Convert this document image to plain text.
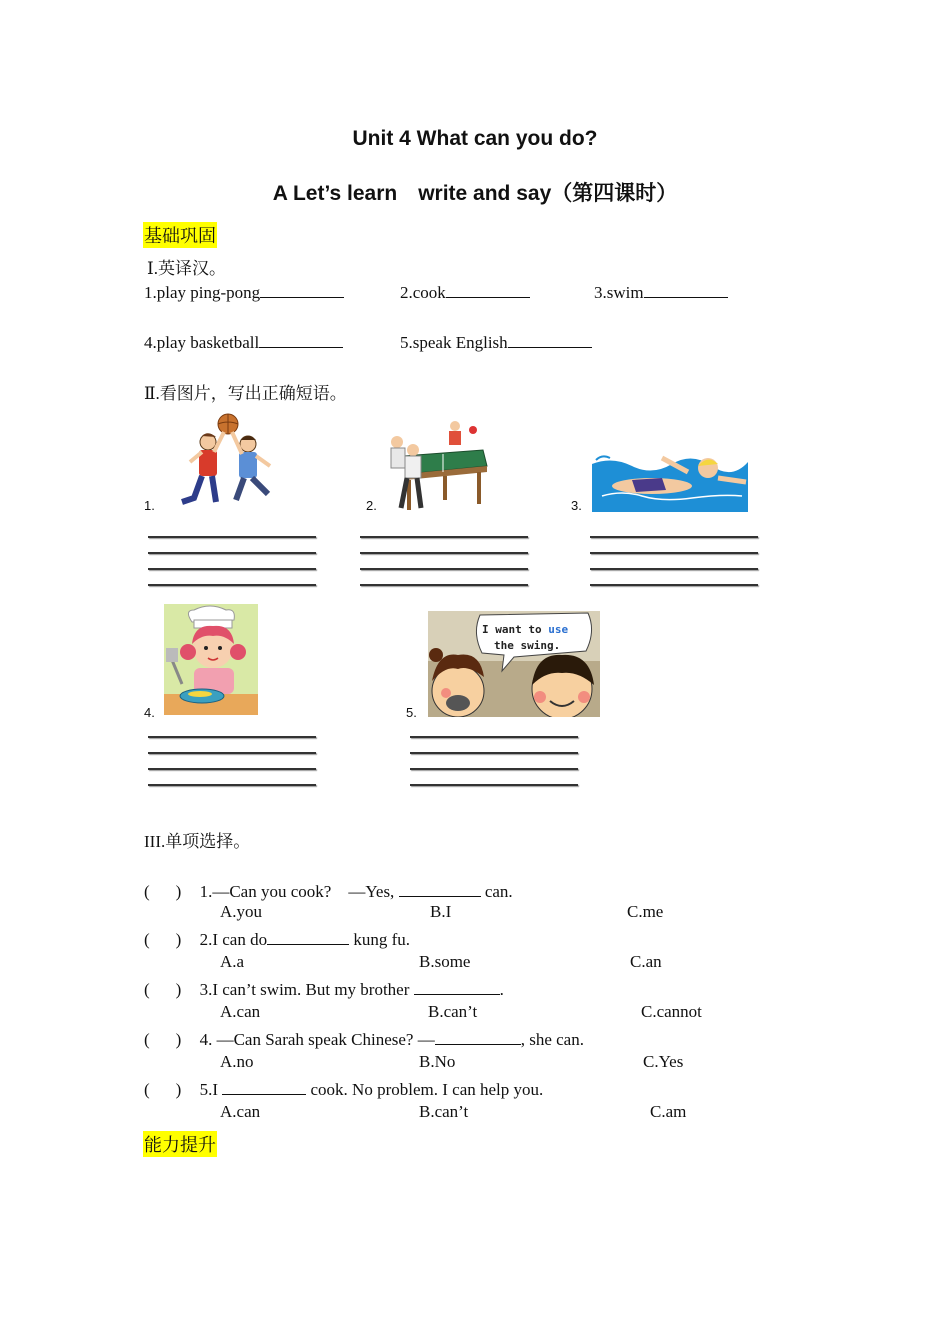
Unit 4 What can you do?
A Let’s learn　write and say（第四课时）
基础巩固
Ⅰ.英译汉。
1.play ping-pong	2.cook	3.swim
4.play basketball	5.speak English
Ⅱ.看图片，写出正确短语。
1.	2.	3.
4.	5.
I want to use
the swing.
III.单项选择。
( ) 1.—Can you cook?　—Yes,	can.
A.you	B.I	C.me
( ) 2.I can do	kung fu.
A.a	B.some	C.an
( ) 3.I can’t swim. But my brother	.
A.can	B.can’t	C.cannot
( ) 4. —Can Sarah speak Chinese? —	, she can.
A.no	B.No	C.Yes
( ) 5.I	cook. No problem. I can help you.
A.can	B.can’t	C.am
能力提升
